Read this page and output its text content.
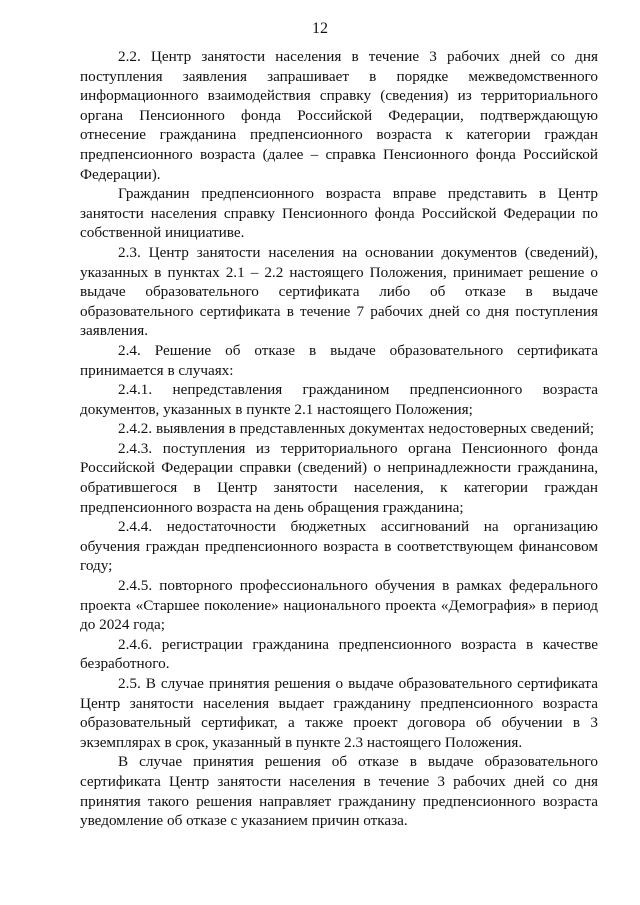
12

2.2. Центр занятости населения в течение 3 рабочих дней со дня поступления заявления запрашивает в порядке межведомственного информационного взаимодействия справку (сведения) из территориального органа Пенсионного фонда Российской Федерации, подтверждающую отнесение гражданина предпенсионного возраста к категории граждан предпенсионного возраста (далее – справка Пенсионного фонда Российской Федерации).

Гражданин предпенсионного возраста вправе представить в Центр занятости населения справку Пенсионного фонда Российской Федерации по собственной инициативе.

2.3. Центр занятости населения на основании документов (сведений), указанных в пунктах 2.1 – 2.2 настоящего Положения, принимает решение о выдаче образовательного сертификата либо об отказе в выдаче образовательного сертификата в течение 7 рабочих дней со дня поступления заявления.

2.4. Решение об отказе в выдаче образовательного сертификата принимается в случаях:

2.4.1. непредставления гражданином предпенсионного возраста документов, указанных в пункте 2.1 настоящего Положения;

2.4.2. выявления в представленных документах недостоверных сведений;

2.4.3. поступления из территориального органа Пенсионного фонда Российской Федерации справки (сведений) о непринадлежности гражданина, обратившегося в Центр занятости населения, к категории граждан предпенсионного возраста на день обращения гражданина;

2.4.4. недостаточности бюджетных ассигнований на организацию обучения граждан предпенсионного возраста в соответствующем финансовом году;

2.4.5. повторного профессионального обучения в рамках федерального проекта «Старшее поколение» национального проекта «Демография» в период до 2024 года;

2.4.6. регистрации гражданина предпенсионного возраста в качестве безработного.

2.5. В случае принятия решения о выдаче образовательного сертификата Центр занятости населения выдает гражданину предпенсионного возраста образовательный сертификат, а также проект договора об обучении в 3 экземплярах в срок, указанный в пункте 2.3 настоящего Положения.

В случае принятия решения об отказе в выдаче образовательного сертификата Центр занятости населения в течение 3 рабочих дней со дня принятия такого решения направляет гражданину предпенсионного возраста уведомление об отказе с указанием причин отказа.
